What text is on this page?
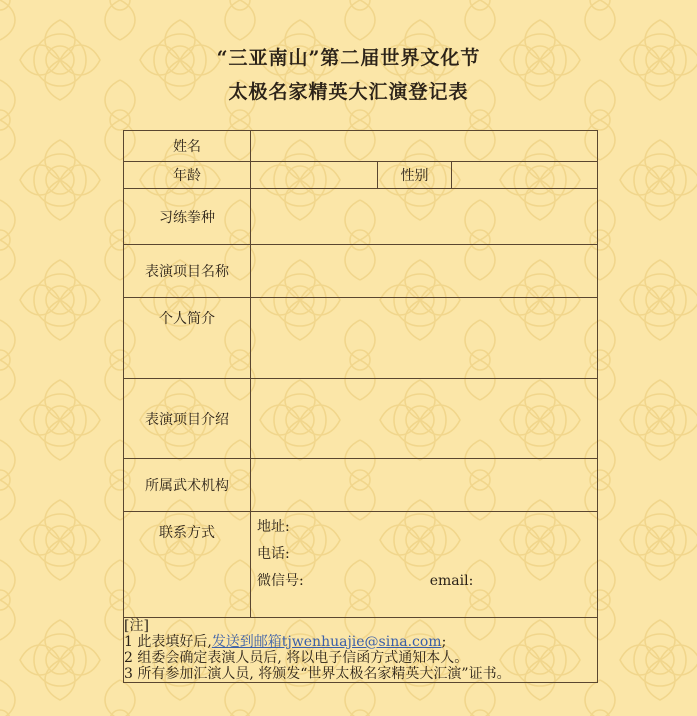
“三亚南山”第二届世界文化节
太极名家精英大汇演登记表
姓名			
年龄		性别	
习练拳种			
表演项目名称			
个人简介			
表演项目介绍			
所属武术机构			
联系方式	地址:
电话:
微信号: email:		

[注]
1 此表填好后,发送到邮箱tjwenhuajie@sina.com;
2 组委会确定表演人员后, 将以电子信函方式通知本人。
3 所有参加汇演人员, 将颁发“世界太极名家精英大汇演”证书。			
